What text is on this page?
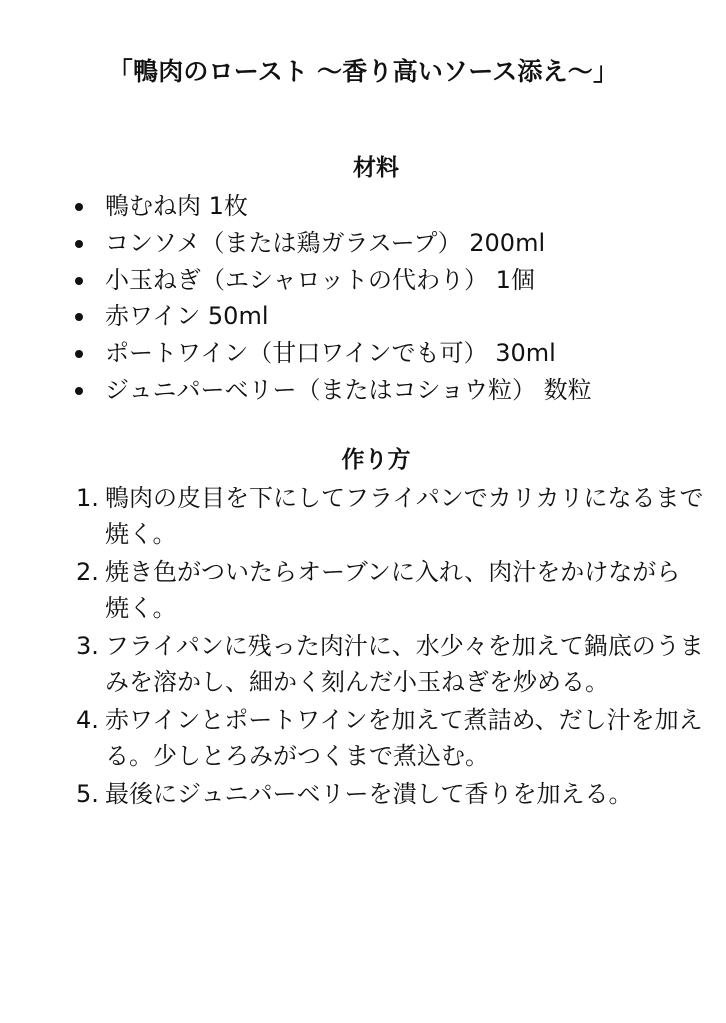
「鴨肉のロースト 〜香り高いソース添え〜」
材料
鴨むね肉 1枚
コンソメ（または鶏ガラスープ） 200ml
小玉ねぎ（エシャロットの代わり） 1個
赤ワイン 50ml
ポートワイン（甘口ワインでも可） 30ml
ジュニパーベリー（またはコショウ粒） 数粒
作り方
1. 鴨肉の皮目を下にしてフライパンでカリカリになるまで焼く。
2. 焼き色がついたらオーブンに入れ、肉汁をかけながら焼く。
3. フライパンに残った肉汁に、水少々を加えて鍋底のうまみを溶かし、細かく刻んだ小玉ねぎを炒める。
4. 赤ワインとポートワインを加えて煮詰め、だし汁を加える。少しとろみがつくまで煮込む。
5. 最後にジュニパーベリーを潰して香りを加える。
